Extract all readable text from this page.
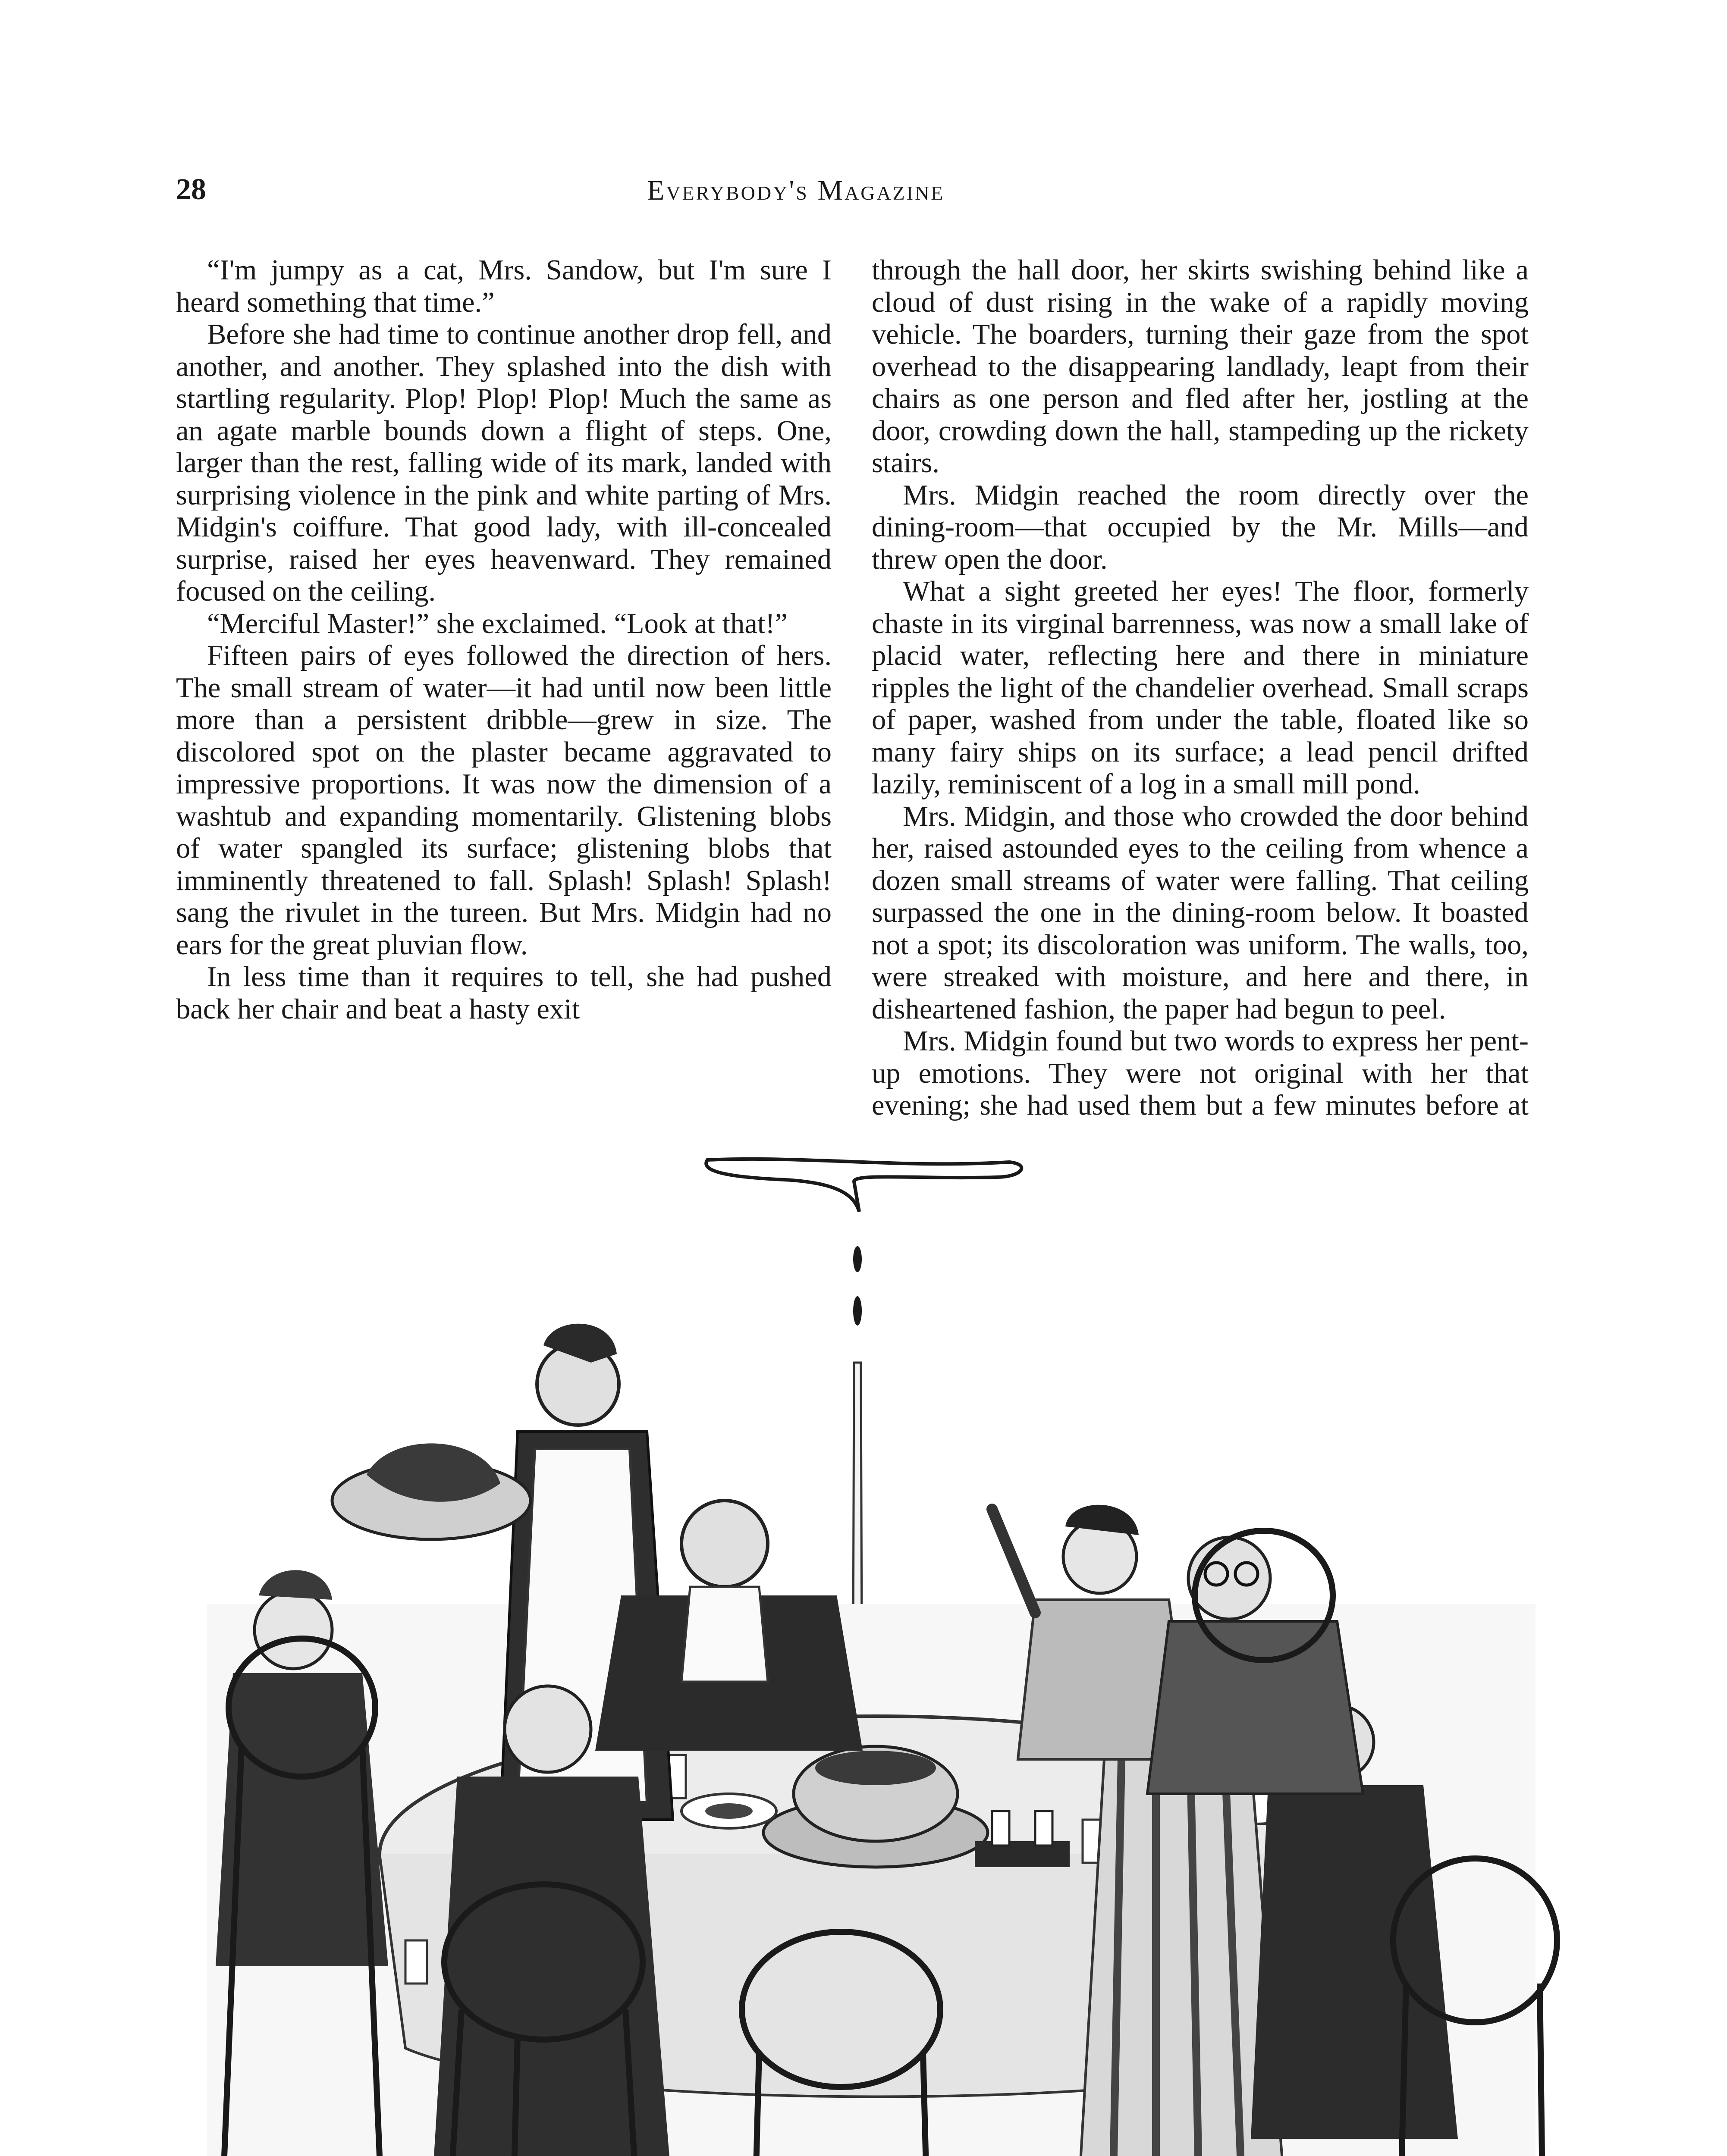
28	Everybody's Magazine

“I'm jumpy as a cat, Mrs. Sandow, but I'm sure I heard something that time.”

Before she had time to continue another drop fell, and another, and another. They splashed into the dish with startling regularity. Plop! Plop! Plop! Much the same as an agate marble bounds down a flight of steps. One, larger than the rest, falling wide of its mark, landed with surprising violence in the pink and white parting of Mrs. Midgin's coiffure. That good lady, with ill-concealed surprise, raised her eyes heavenward. They remained focused on the ceiling.

“Merciful Master!” she exclaimed. “Look at that!”

Fifteen pairs of eyes followed the direction of hers. The small stream of water—it had until now been little more than a persistent dribble—grew in size. The discolored spot on the plaster became aggravated to impressive proportions. It was now the dimension of a washtub and expanding momentarily. Glistening blobs of water spangled its surface; glistening blobs that imminently threatened to fall. Splash! Splash! Splash! sang the rivulet in the tureen. But Mrs. Midgin had no ears for the great pluvian flow.

In less time than it requires to tell, she had pushed back her chair and beat a hasty exit

through the hall door, her skirts swishing behind like a cloud of dust rising in the wake of a rapidly moving vehicle. The boarders, turning their gaze from the spot overhead to the disappearing landlady, leapt from their chairs as one person and fled after her, jostling at the door, crowding down the hall, stampeding up the rickety stairs.

Mrs. Midgin reached the room directly over the dining-room—that occupied by the Mr. Mills—and threw open the door.

What a sight greeted her eyes! The floor, formerly chaste in its virginal barrenness, was now a small lake of placid water, reflecting here and there in miniature ripples the light of the chandelier overhead. Small scraps of paper, washed from under the table, floated like so many fairy ships on its surface; a lead pencil drifted lazily, reminiscent of a log in a small mill pond.

Mrs. Midgin, and those who crowded the door behind her, raised astounded eyes to the ceiling from whence a dozen small streams of water were falling. That ceiling surpassed the one in the dining-room below. It boasted not a spot; its discoloration was uniform. The walls, too, were streaked with moisture, and here and there, in disheartened fashion, the paper had begun to peel.

Mrs. Midgin found but two words to express her pent-up emotions. They were not original with her that evening; she had used them but a few minutes before at
